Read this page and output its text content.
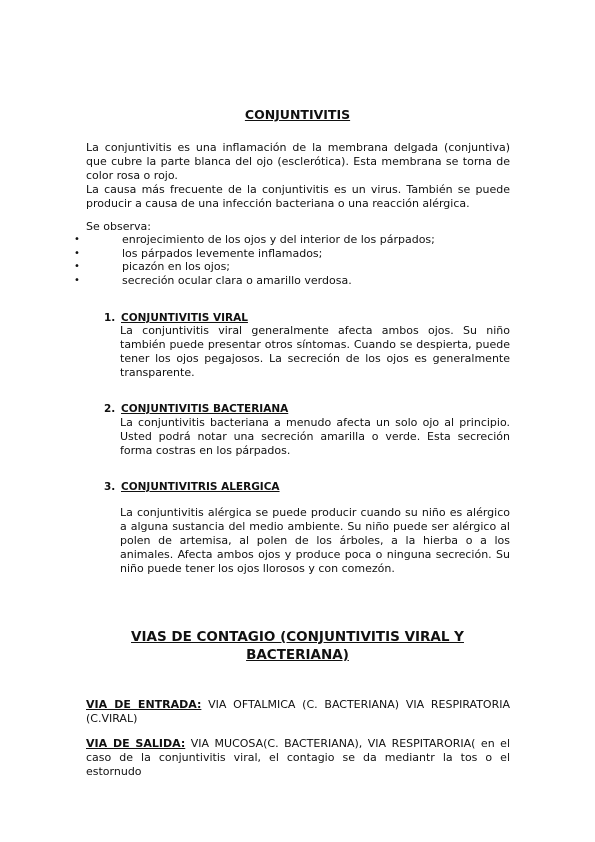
CONJUNTIVITIS

La conjuntivitis es una inflamación de la membrana delgada (conjuntiva) que cubre la parte blanca del ojo (esclerótica). Esta membrana se torna de color rosa o rojo.

La causa más frecuente de la conjuntivitis es un virus. También se puede producir a causa de una infección bacteriana o una reacción alérgica.

Se observa:
•	enrojecimiento de los ojos y del interior de los párpados;
•	los párpados levemente inflamados;
•	picazón en los ojos;
•	secreción ocular clara o amarillo verdosa.
1. CONJUNTIVITIS VIRAL

La conjuntivitis viral generalmente afecta ambos ojos. Su niño también puede presentar otros síntomas. Cuando se despierta, puede tener los ojos pegajosos. La secreción de los ojos es generalmente transparente.

2. CONJUNTIVITIS BACTERIANA

La conjuntivitis bacteriana a menudo afecta un solo ojo al principio. Usted podrá notar una secreción amarilla o verde. Esta secreción forma costras en los párpados.

3. CONJUNTIVITRIS ALERGICA

La conjuntivitis alérgica se puede producir cuando su niño es alérgico a alguna sustancia del medio ambiente. Su niño puede ser alérgico al polen de artemisa, al polen de los árboles, a la hierba o a los animales. Afecta ambos ojos y produce poca o ninguna secreción. Su niño puede tener los ojos llorosos y con comezón.

VIAS DE CONTAGIO (CONJUNTIVITIS VIRAL Y BACTERIANA)

VIA DE ENTRADA: VIA OFTALMICA (C. BACTERIANA) VIA RESPIRATORIA (C.VIRAL)

VIA DE SALIDA: VIA MUCOSA(C. BACTERIANA), VIA RESPITARORIA( en el caso de la conjuntivitis viral, el contagio se da mediantr la tos o el estornudo
